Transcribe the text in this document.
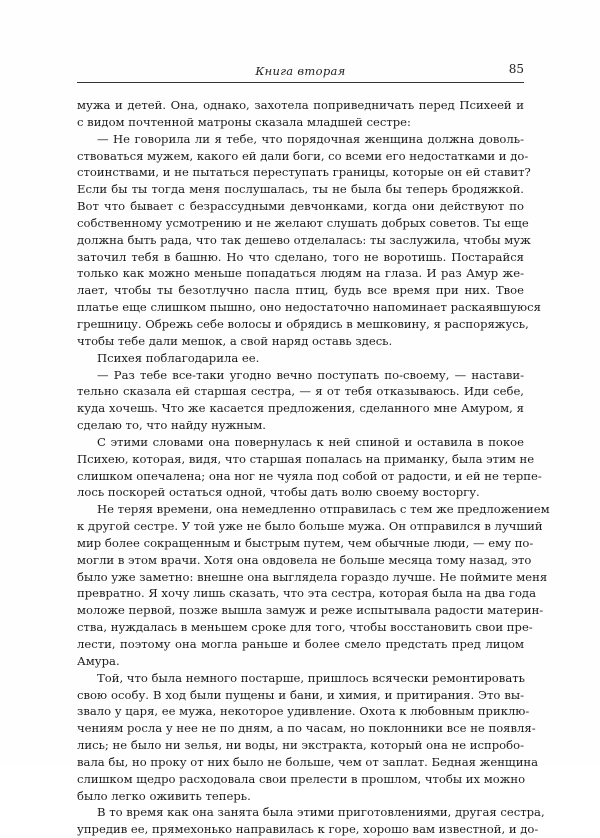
Книга вторая	85
мужа и детей. Она, однако, захотела поприведничать перед Психеей и
с видом почтенной матроны сказала младшей сестре:
— Не говорила ли я тебе, что порядочная женщина должна доволь-
ствоваться мужем, какого ей дали боги, со всеми его недостатками и до-
стоинствами, и не пытаться переступать границы, которые он ей ставит?
Если бы ты тогда меня послушалась, ты не была бы теперь бродяжкой.
Вот что бывает с безрассудными девчонками, когда они действуют по
собственному усмотрению и не желают слушать добрых советов. Ты еще
должна быть рада, что так дешево отделалась: ты заслужила, чтобы муж
заточил тебя в башню. Но что сделано, того не воротишь. Постарайся
только как можно меньше попадаться людям на глаза. И раз Амур же-
лает, чтобы ты безотлучно пасла птиц, будь все время при них. Твое
платье еще слишком пышно, оно недостаточно напоминает раскаявшуюся
грешницу. Обрежь себе волосы и обрядись в мешковину, я распоряжусь,
чтобы тебе дали мешок, а свой наряд оставь здесь.
Психея поблагодарила ее.
— Раз тебе все-таки угодно вечно поступать по-своему, — настави-
тельно сказала ей старшая сестра, — я от тебя отказываюсь. Иди себе,
куда хочешь. Что же касается предложения, сделанного мне Амуром, я
сделаю то, что найду нужным.
С этими словами она повернулась к ней спиной и оставила в покое
Психею, которая, видя, что старшая попалась на приманку, была этим не
слишком опечалена; она ног не чуяла под собой от радости, и ей не терпе-
лось поскорей остаться одной, чтобы дать волю своему восторгу.
Не теряя времени, она немедленно отправилась с тем же предложением
к другой сестре. У той уже не было больше мужа. Он отправился в лучший
мир более сокращенным и быстрым путем, чем обычные люди, — ему по-
могли в этом врачи. Хотя она овдовела не больше месяца тому назад, это
было уже заметно: внешне она выглядела гораздо лучше. Не поймите меня
превратно. Я хочу лишь сказать, что эта сестра, которая была на два года
моложе первой, позже вышла замуж и реже испытывала радости материн-
ства, нуждалась в меньшем сроке для того, чтобы восстановить свои пре-
лести, поэтому она могла раньше и более смело предстать пред лицом
Амура.
Той, что была немного постарше, пришлось всячески ремонтировать
свою особу. В ход были пущены и бани, и химия, и притирания. Это вы-
звало у царя, ее мужа, некоторое удивление. Охота к любовным приклю-
чениям росла у нее не по дням, а по часам, но поклонники все не появля-
лись; не было ни зелья, ни воды, ни экстракта, который она не испробо-
вала бы, но проку от них было не больше, чем от заплат. Бедная женщина
слишком щедро расходовала свои прелести в прошлом, чтобы их можно
было легко оживить теперь.
В то время как она занята была этими приготовлениями, другая сестра,
упредив ее, прямехонько направилась к горе, хорошо вам известной, и до-
